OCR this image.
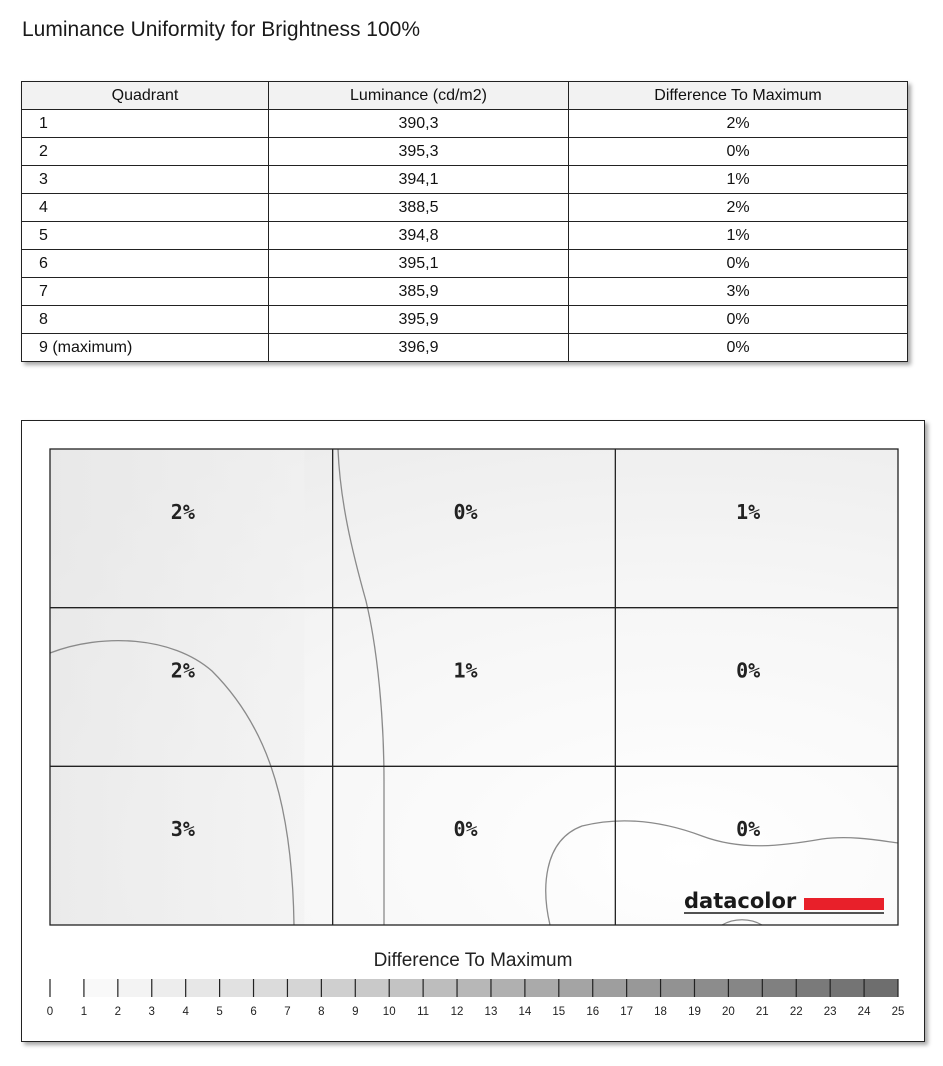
Luminance Uniformity for Brightness 100%
Quadrant	Luminance (cd/m2)	Difference To Maximum
1	390,3	2%
2	395,3	0%
3	394,1	1%
4	388,5	2%
5	394,8	1%
6	395,1	0%
7	385,9	3%
8	395,9	0%
9 (maximum)	396,9	0%
2%	0%	1%
2%	1%	0%
3%	0%	0%
datacolor
Difference To Maximum
0 1 2 3 4 5 6 7 8 9 10 11 12 13 14 15 16 17 18 19 20 21 22 23 24 25
